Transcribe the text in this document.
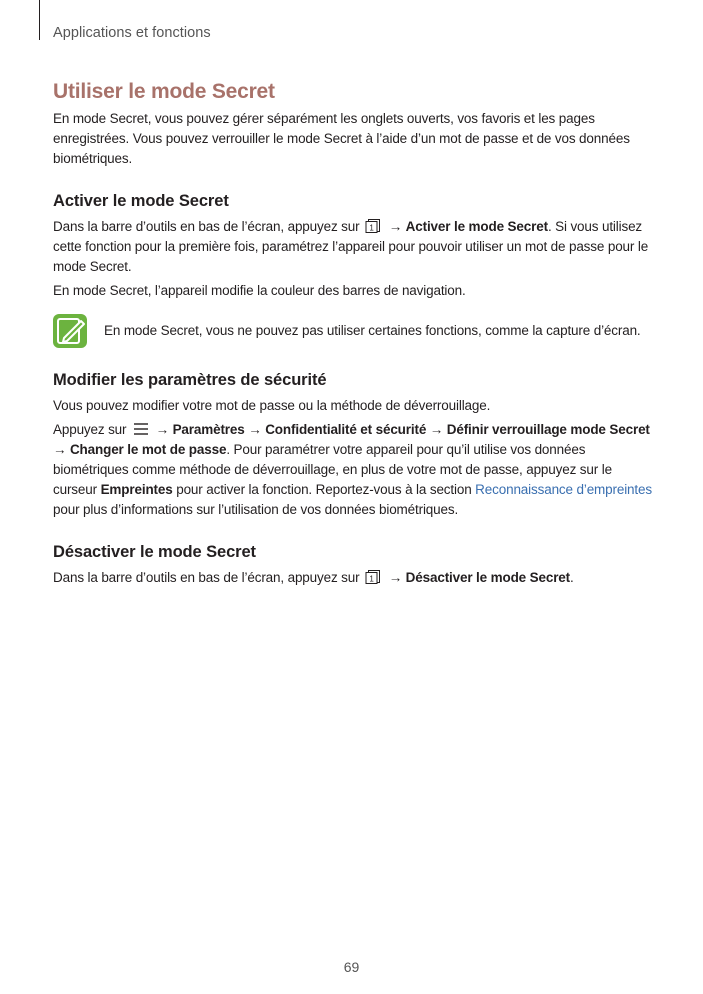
Applications et fonctions
Utiliser le mode Secret

En mode Secret, vous pouvez gérer séparément les onglets ouverts, vos favoris et les pages enregistrées. Vous pouvez verrouiller le mode Secret à l’aide d’un mot de passe et de vos données biométriques.

Activer le mode Secret

Dans la barre d’outils en bas de l’écran, appuyez sur 1 → Activer le mode Secret. Si vous utilisez cette fonction pour la première fois, paramétrez l’appareil pour pouvoir utiliser un mot de passe pour le mode Secret.

En mode Secret, l’appareil modifie la couleur des barres de navigation.

En mode Secret, vous ne pouvez pas utiliser certaines fonctions, comme la capture d’écran.

Modifier les paramètres de sécurité

Vous pouvez modifier votre mot de passe ou la méthode de déverrouillage.

Appuyez sur  → Paramètres → Confidentialité et sécurité → Définir verrouillage mode Secret → Changer le mot de passe. Pour paramétrer votre appareil pour qu’il utilise vos données biométriques comme méthode de déverrouillage, en plus de votre mot de passe, appuyez sur le curseur Empreintes pour activer la fonction. Reportez-vous à la section Reconnaissance d’empreintes pour plus d’informations sur l’utilisation de vos données biométriques.

Désactiver le mode Secret

Dans la barre d’outils en bas de l’écran, appuyez sur 1 → Désactiver le mode Secret.

69
